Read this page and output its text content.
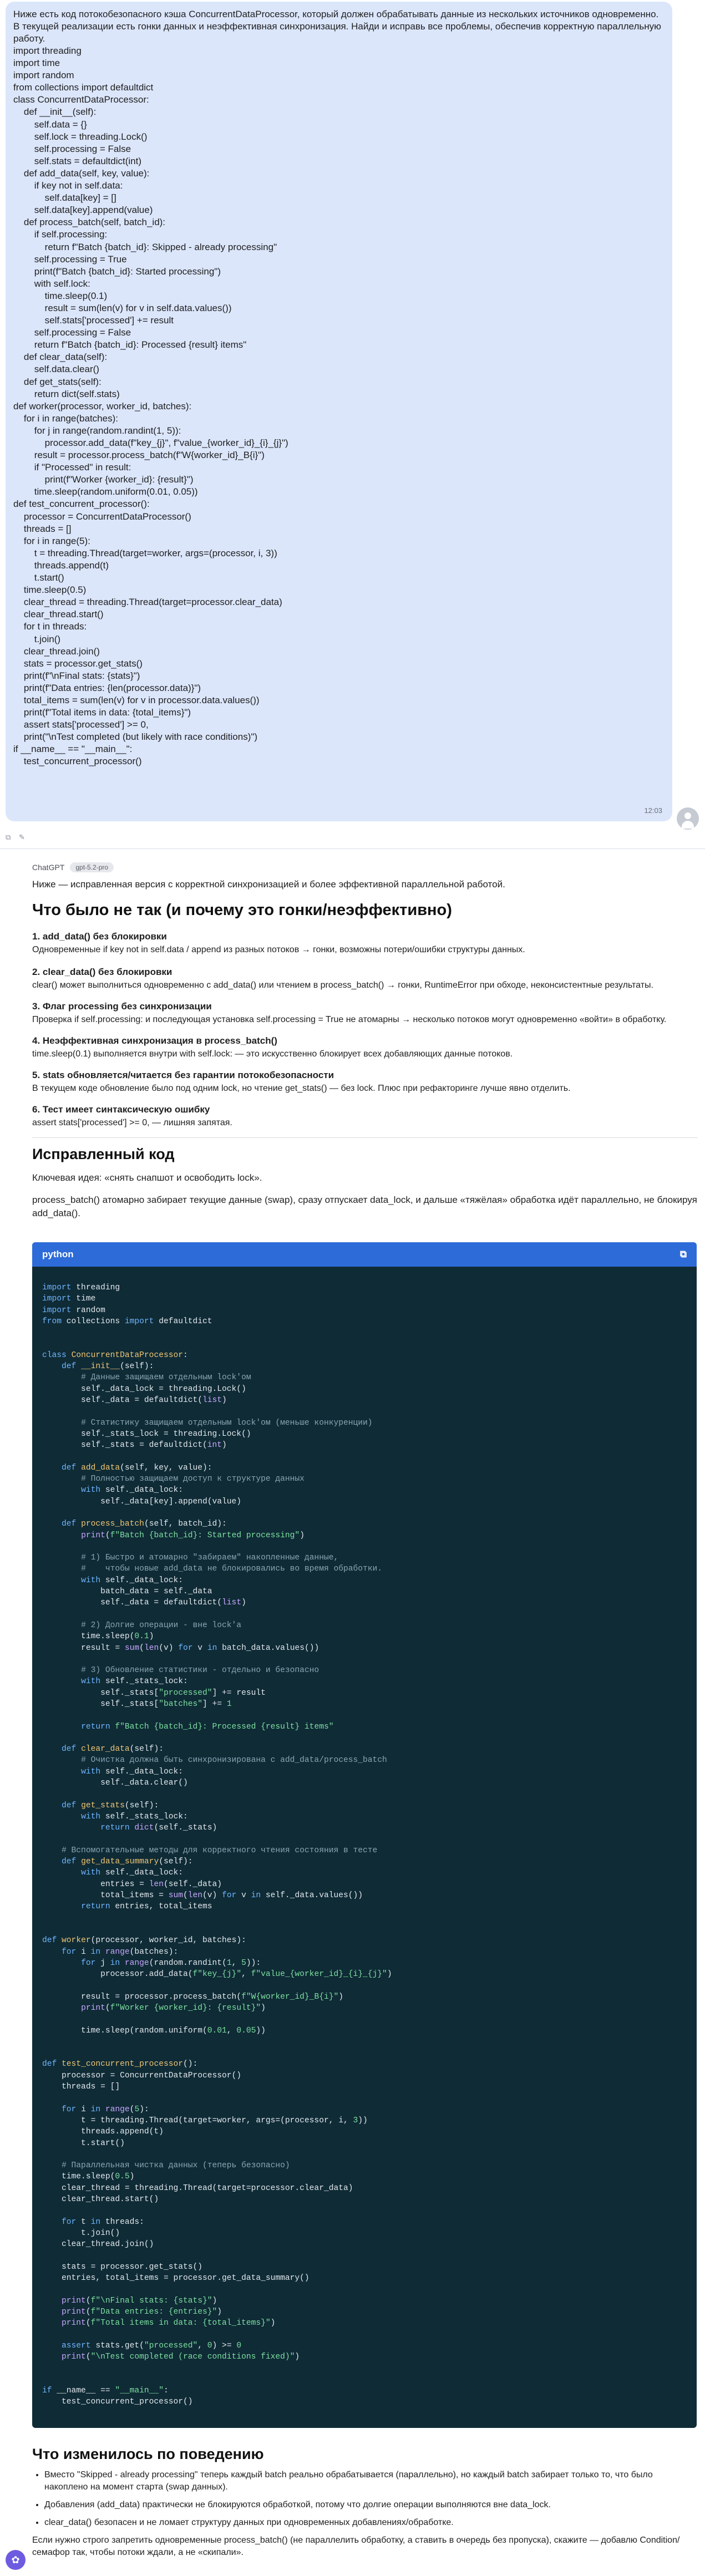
Ниже есть код потокобезопасного кэша ConcurrentDataProcessor, который должен обрабатывать данные из нескольких источников одновременно. В текущей реализации есть гонки данных и неэффективная синхронизация. Найди и исправь все проблемы, обеспечив корректную параллельную работу.

import threading
import time
import random
from collections import defaultdict
class ConcurrentDataProcessor:
def __init__(self):
self.data = {}
self.lock = threading.Lock()
self.processing = False
self.stats = defaultdict(int)
def add_data(self, key, value):
if key not in self.data:
self.data[key] = []
self.data[key].append(value)
def process_batch(self, batch_id):
if self.processing:
return f"Batch {batch_id}: Skipped - already processing"
self.processing = True
print(f"Batch {batch_id}: Started processing")
with self.lock:
time.sleep(0.1)
result = sum(len(v) for v in self.data.values())
self.stats['processed'] += result
self.processing = False
return f"Batch {batch_id}: Processed {result} items"
def clear_data(self):
self.data.clear()
def get_stats(self):
return dict(self.stats)
def worker(processor, worker_id, batches):
for i in range(batches):
for j in range(random.randint(1, 5)):
processor.add_data(f"key_{j}", f"value_{worker_id}_{i}_{j}")
result = processor.process_batch(f"W{worker_id}_B{i}")
if "Processed" in result:
print(f"Worker {worker_id}: {result}")
time.sleep(random.uniform(0.01, 0.05))
def test_concurrent_processor():
processor = ConcurrentDataProcessor()
threads = []
for i in range(5):
t = threading.Thread(target=worker, args=(processor, i, 3))
threads.append(t)
t.start()
time.sleep(0.5)
clear_thread = threading.Thread(target=processor.clear_data)
clear_thread.start()
for t in threads:
t.join()
clear_thread.join()
stats = processor.get_stats()
print(f"\nFinal stats: {stats}")
print(f"Data entries: {len(processor.data)}")
total_items = sum(len(v) for v in processor.data.values())
print(f"Total items in data: {total_items}")
assert stats['processed'] >= 0,
print("\nTest completed (but likely with race conditions)")
if __name__ == "__main__":
test_concurrent_processor()
12:03
⧉	✎
ChatGPT	gpt-5.2-pro

Ниже — исправленная версия с корректной синхронизацией и более эффективной параллельной работой.

Что было не так (и почему это гонки/неэффективно)

1. add_data() без блокировки

Одновременные if key not in self.data / append из разных потоков → гонки, возможны потери/ошибки структуры данных.

2. clear_data() без блокировки

clear() может выполниться одновременно с add_data() или чтением в process_batch() → гонки, RuntimeError при обходе, неконсистентные результаты.

3. Флаг processing без синхронизации

Проверка if self.processing: и последующая установка self.processing = True не атомарны → несколько потоков могут одновременно «войти» в обработку.

4. Неэффективная синхронизация в process_batch()

time.sleep(0.1) выполняется внутри with self.lock: — это искусственно блокирует всех добавляющих данные потоков.

5. stats обновляется/читается без гарантии потокобезопасности

В текущем коде обновление было под одним lock, но чтение get_stats() — без lock. Плюс при рефакторинге лучше явно отделить.

6. Тест имеет синтаксическую ошибку

assert stats['processed'] >= 0, — лишняя запятая.

Исправленный код

Ключевая идея: «снять снапшот и освободить lock».

process_batch() атомарно забирает текущие данные (swap), сразу отпускает data_lock, и дальше «тяжёлая» обработка идёт параллельно, не блокируя add_data().

python	⧉
import threading
import time
import random
from collections import defaultdict

class ConcurrentDataProcessor:
def __init__(self):
# Данные защищаем отдельным lock'ом
self._data_lock = threading.Lock()
self._data = defaultdict(list)

# Статистику защищаем отдельным lock'ом (меньше конкуренции)
self._stats_lock = threading.Lock()
self._stats = defaultdict(int)

def add_data(self, key, value):
# Полностью защищаем доступ к структуре данных
with self._data_lock:
self._data[key].append(value)

def process_batch(self, batch_id):
print(f"Batch {batch_id}: Started processing")

# 1) Быстро и атомарно "забираем" накопленные данные,
#    чтобы новые add_data не блокировались во время обработки.
with self._data_lock:
batch_data = self._data
self._data = defaultdict(list)

# 2) Долгие операции - вне lock'a
time.sleep(0.1)
result = sum(len(v) for v in batch_data.values())

# 3) Обновление статистики - отдельно и безопасно
with self._stats_lock:
self._stats["processed"] += result
self._stats["batches"] += 1

return f"Batch {batch_id}: Processed {result} items"

def clear_data(self):
# Очистка должна быть синхронизирована с add_data/process_batch
with self._data_lock:
self._data.clear()

def get_stats(self):
with self._stats_lock:
return dict(self._stats)

# Вспомогательные методы для корректного чтения состояния в тесте
def get_data_summary(self):
with self._data_lock:
entries = len(self._data)
total_items = sum(len(v) for v in self._data.values())
return entries, total_items

def worker(processor, worker_id, batches):
for i in range(batches):
for j in range(random.randint(1, 5)):
processor.add_data(f"key_{j}", f"value_{worker_id}_{i}_{j}")

result = processor.process_batch(f"W{worker_id}_B{i}")
print(f"Worker {worker_id}: {result}")

time.sleep(random.uniform(0.01, 0.05))

def test_concurrent_processor():
processor = ConcurrentDataProcessor()
threads = []

for i in range(5):
t = threading.Thread(target=worker, args=(processor, i, 3))
threads.append(t)
t.start()

# Параллельная чистка данных (теперь безопасно)
time.sleep(0.5)
clear_thread = threading.Thread(target=processor.clear_data)
clear_thread.start()

for t in threads:
t.join()
clear_thread.join()

stats = processor.get_stats()
entries, total_items = processor.get_data_summary()

print(f"\nFinal stats: {stats}")
print(f"Data entries: {entries}")
print(f"Total items in data: {total_items}")

assert stats.get("processed", 0) >= 0
print("\nTest completed (race conditions fixed)")

if __name__ == "__main__":
test_concurrent_processor()
Что изменилось по поведению
• Вместо "Skipped - already processing" теперь каждый batch реально обрабатывается (параллельно), но каждый batch забирает только то, что было накоплено на момент старта (swap данных).
• Добавления (add_data) практически не блокируются обработкой, потому что долгие операции выполняются вне data_lock.
• clear_data() безопасен и не ломает структуру данных при одновременных добавлениях/обработке.

Если нужно строго запретить одновременные process_batch() (не параллелить обработку, а ставить в очередь без пропуска), скажите — добавлю Condition/семафор так, чтобы потоки ждали, а не «скипали».

✿
